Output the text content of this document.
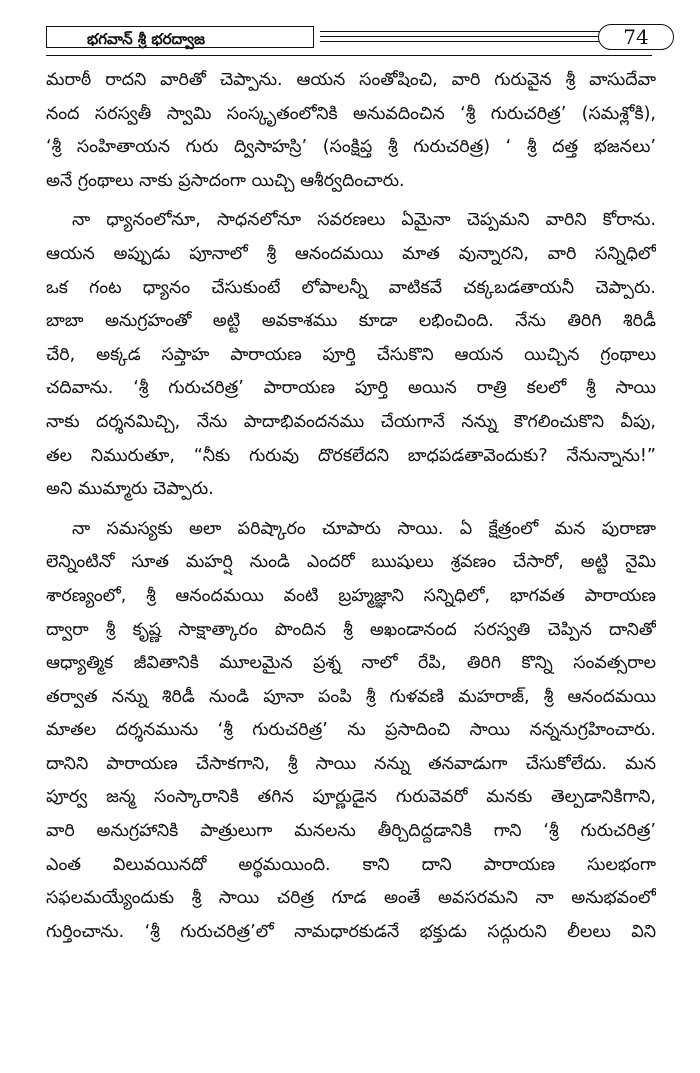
భగవాన్ శ్రీ భరద్వాజ	74

మరాఠీ రాదని వారితో చెప్పాను. ఆయన సంతోషించి, వారి గురువైన శ్రీ వాసుదేవా
నంద సరస్వతీ స్వామి సంస్కృతంలోనికి అనువదించిన ‘శ్రీ గురుచరిత్ర’ (సమశ్లోకి),
‘శ్రీ సంహితాయన గురు ద్విసాహస్రి’ (సంక్షిప్త శ్రీ గురుచరిత్ర) ‘ శ్రీ దత్త భజనలు’
అనే గ్రంథాలు నాకు ప్రసాదంగా యిచ్చి ఆశీర్వదించారు.

నా ధ్యానంలోనూ, సాధనలోనూ సవరణలు ఏమైనా చెప్పమని వారిని కోరాను.
ఆయన అప్పుడు పూనాలో శ్రీ ఆనందమయి మాత వున్నారని, వారి సన్నిధిలో
ఒక గంట ధ్యానం చేసుకుంటే లోపాలన్నీ వాటికవే చక్కబడతాయనీ చెప్పారు.
బాబా అనుగ్రహంతో అట్టి అవకాశము కూడా లభించింది. నేను తిరిగి శిరిడీ
చేరి, అక్కడ సప్తాహ పారాయణ పూర్తి చేసుకొని ఆయన యిచ్చిన గ్రంథాలు
చదివాను. ‘శ్రీ గురుచరిత్ర’ పారాయణ పూర్తి అయిన రాత్రి కలలో శ్రీ సాయి
నాకు దర్శనమిచ్చి, నేను పాదాభివందనము చేయగానే నన్ను కౌగలించుకొని వీపు,
తల నిమురుతూ, “నీకు గురువు దొరకలేదని బాధపడతావెందుకు? నేనున్నాను!”
అని ముమ్మారు చెప్పారు.

నా సమస్యకు అలా పరిష్కారం చూపారు సాయి. ఏ క్షేత్రంలో మన పురాణా
లెన్నింటినో సూత మహర్షి నుండి ఎందరో ఋషులు శ్రవణం చేసారో, అట్టి నైమి
శారణ్యంలో, శ్రీ ఆనందమయి వంటి బ్రహ్మజ్ఞాని సన్నిధిలో, భాగవత పారాయణ
ద్వారా శ్రీ కృష్ణ సాక్షాత్కారం పొందిన శ్రీ అఖండానంద సరస్వతి చెప్పిన దానితో
ఆధ్యాత్మిక జీవితానికి మూలమైన ప్రశ్న నాలో రేపి, తిరిగి కొన్ని సంవత్సరాల
తర్వాత నన్ను శిరిడీ నుండి పూనా పంపి శ్రీ గుళవణి మహరాజ్, శ్రీ ఆనందమయి
మాతల దర్శనమును ‘శ్రీ గురుచరిత్ర’ ను ప్రసాదించి సాయి నన్ననుగ్రహించారు.
దానిని పారాయణ చేసాకగాని, శ్రీ సాయి నన్ను తనవాడుగా చేసుకోలేదు. మన
పూర్వ జన్మ సంస్కారానికి తగిన పూర్ణుడైన గురువెవరో మనకు తెల్పడానికిగాని,
వారి అనుగ్రహానికి పాత్రులుగా మనలను తీర్చిదిద్దడానికి గాని ‘శ్రీ గురుచరిత్ర’
ఎంత విలువయినదో అర్థమయింది. కాని దాని పారాయణ సులభంగా
సఫలమయ్యేందుకు శ్రీ సాయి చరిత్ర గూడ అంతే అవసరమని నా అనుభవంలో
గుర్తించాను. ‘శ్రీ గురుచరిత్ర’లో నామధారకుడనే భక్తుడు సద్గురుని లీలలు విని
